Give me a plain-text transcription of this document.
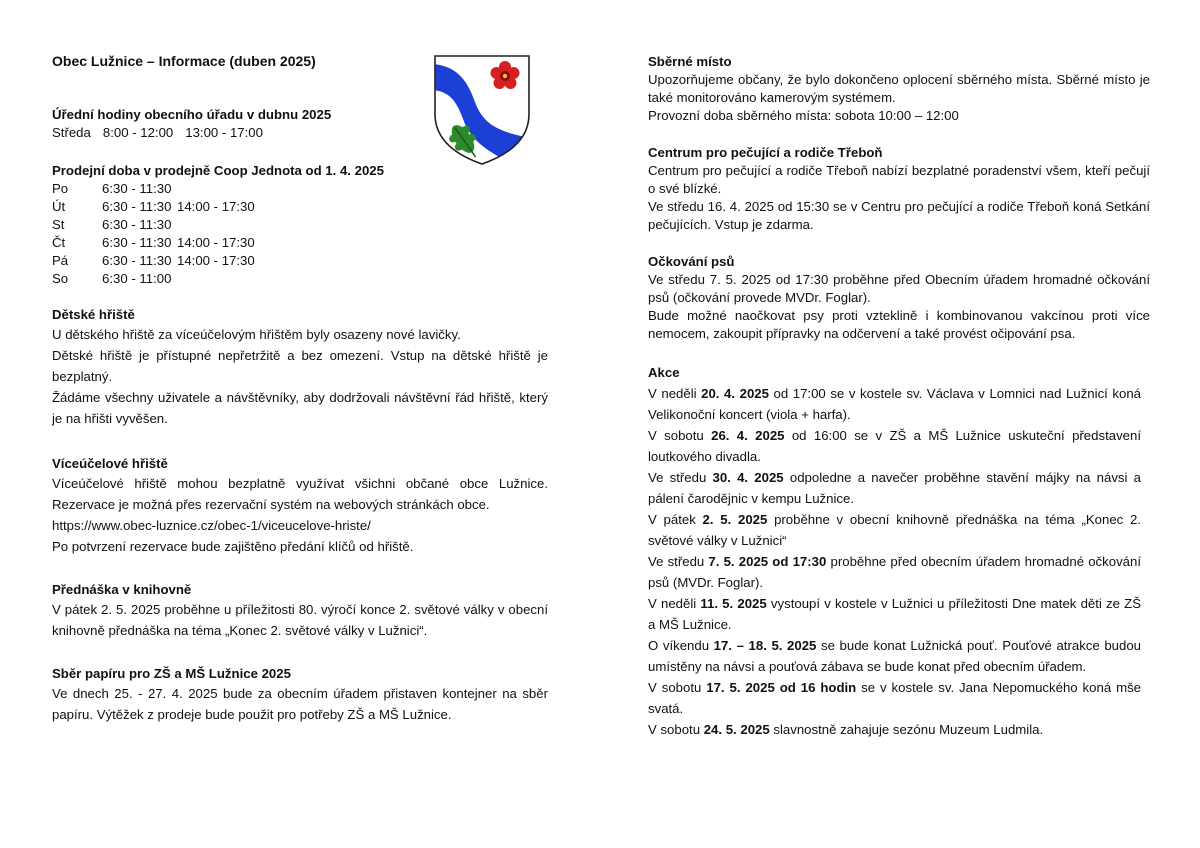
Obec Lužnice – Informace (duben 2025)
Úřední hodiny obecního úřadu v dubnu 2025
Středa 8:00 - 12:00 13:00 - 17:00
Prodejní doba v prodejně Coop Jednota od 1. 4. 2025
Po	6:30 - 11:30
Út	6:30 - 11:30 14:00 - 17:30
St	6:30 - 11:30
Čt	6:30 - 11:30 14:00 - 17:30
Pá	6:30 - 11:30 14:00 - 17:30
So	6:30 - 11:00
Dětské hřiště

U dětského hřiště za víceúčelovým hřištěm byly osazeny nové lavičky.

Dětské hřiště je přístupné nepřetržitě a bez omezení. Vstup na dětské hřiště je bezplatný.

Žádáme všechny uživatele a návštěvníky, aby dodržovali návštěvní řád hřiště, který je na hřišti vyvěšen.

Víceúčelové hřiště

Víceúčelové hřiště mohou bezplatně využívat všichni občané obce Lužnice. Rezervace je možná přes rezervační systém na webových stránkách obce.

https://www.obec-luznice.cz/obec-1/viceucelove-hriste/

Po potvrzení rezervace bude zajištěno předání klíčů od hřiště.

Přednáška v knihovně

V pátek 2. 5. 2025 proběhne u příležitosti 80. výročí konce 2. světové války v obecní knihovně přednáška na téma „Konec 2. světové války v Lužnici“.

Sběr papíru pro ZŠ a MŠ Lužnice 2025

Ve dnech 25. - 27. 4. 2025 bude za obecním úřadem přistaven kontejner na sběr papíru. Výtěžek z prodeje bude použit pro potřeby ZŠ a MŠ Lužnice.

Sběrné místo

Upozorňujeme občany, že bylo dokončeno oplocení sběrného místa. Sběrné místo je také monitorováno kamerovým systémem.

Provozní doba sběrného místa: sobota 10:00 – 12:00

Centrum pro pečující a rodiče Třeboň

Centrum pro pečující a rodiče Třeboň nabízí bezplatné poradenství všem, kteří pečují o své blízké.

Ve středu 16. 4. 2025 od 15:30 se v Centru pro pečující a rodiče Třeboň koná Setkání pečujících. Vstup je zdarma.

Očkování psů

Ve středu 7. 5. 2025 od 17:30 proběhne před Obecním úřadem hromadné očkování psů (očkování provede MVDr. Foglar).

Bude možné naočkovat psy proti vzteklině i kombinovanou vakcínou proti více nemocem, zakoupit přípravky na odčervení a také provést očipování psa.

Akce

V neděli 20. 4. 2025 od 17:00 se v kostele sv. Václava v Lomnici nad Lužnicí koná Velikonoční koncert (viola + harfa).

V sobotu 26. 4. 2025 od 16:00 se v ZŠ a MŠ Lužnice uskuteční představení loutkového divadla.

Ve středu 30. 4. 2025 odpoledne a navečer proběhne stavění májky na návsi a pálení čarodějnic v kempu Lužnice.

V pátek 2. 5. 2025 proběhne v obecní knihovně přednáška na téma „Konec 2. světové války v Lužnici“

Ve středu 7. 5. 2025 od 17:30 proběhne před obecním úřadem hromadné očkování psů (MVDr. Foglar).

V neděli 11. 5. 2025 vystoupí v kostele v Lužnici u příležitosti Dne matek děti ze ZŠ a MŠ Lužnice.

O víkendu 17. – 18. 5. 2025 se bude konat Lužnická pouť. Pouťové atrakce budou umístěny na návsi a pouťová zábava se bude konat před obecním úřadem.

V sobotu 17. 5. 2025 od 16 hodin se v kostele sv. Jana Nepomuckého koná mše svatá.

V sobotu 24. 5. 2025 slavnostně zahajuje sezónu Muzeum Ludmila.
